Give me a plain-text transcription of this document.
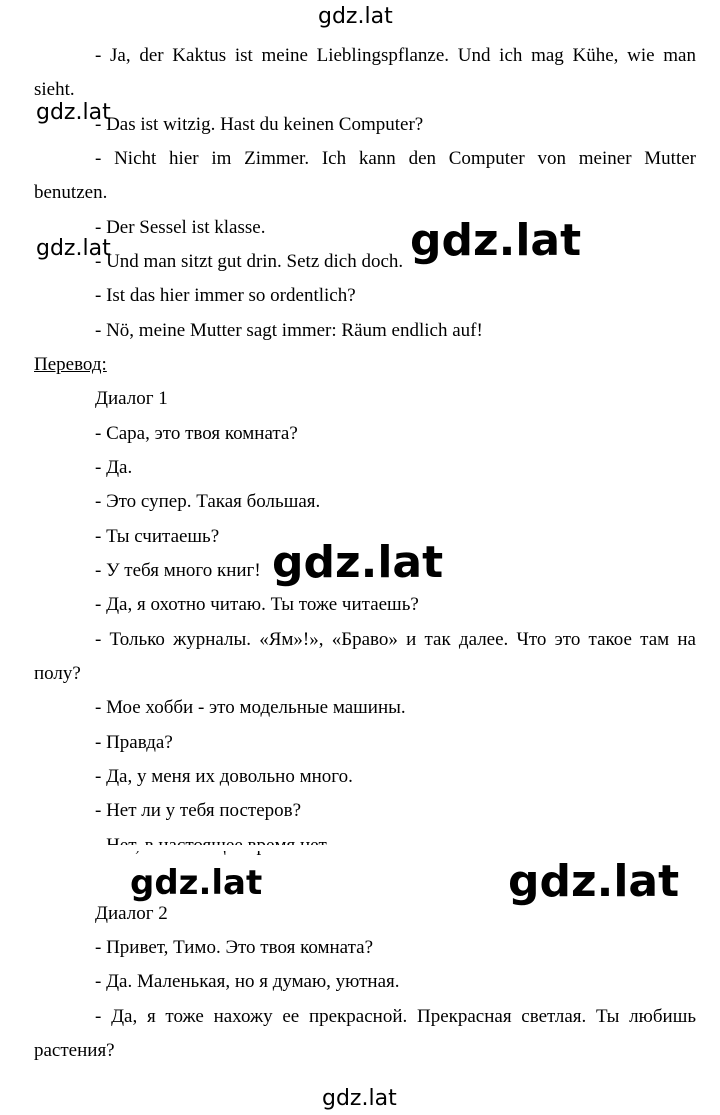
- Ja, der Kaktus ist meine Lieblingspflanze. Und ich mag Kühe, wie man
sieht.
- Das ist witzig. Hast du keinen Computer?
- Nicht hier im Zimmer. Ich kann den Computer von meiner Mutter
benutzen.
- Der Sessel ist klasse.
- Und man sitzt gut drin. Setz dich doch.
- Ist das hier immer so ordentlich?
- Nö, meine Mutter sagt immer: Räum endlich auf!
Перевод:
Диалог 1
- Сара, это твоя комната?
- Да.
- Это супер. Такая большая.
- Ты считаешь?
- У тебя много книг!
- Да, я охотно читаю. Ты тоже читаешь?
- Только журналы. «Ям»!», «Браво» и так далее. Что это такое там на
полу?
- Мое хобби - это модельные машины.
- Правда?
- Да, у меня их довольно много.
- Нет ли у тебя постеров?
Диалог 2
- Привет, Тимо. Это твоя комната?
- Да. Маленькая, но я думаю, уютная.
- Да, я тоже нахожу ее прекрасной. Прекрасная светлая. Ты любишь
растения?
gdz.lat
gdz.lat
gdz.lat	gdz.lat
gdz.lat
gdz.lat	gdz.lat
gdz.lat
